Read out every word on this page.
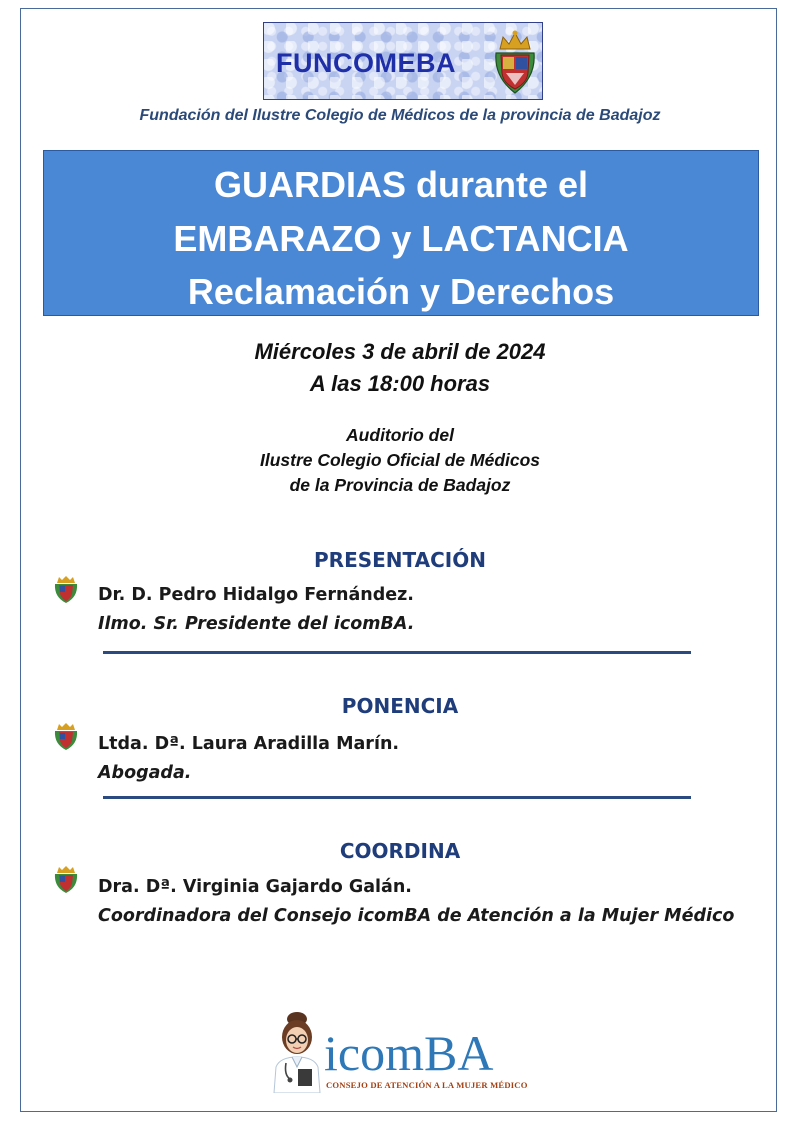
FUNCOMEBA
Fundación del Ilustre Colegio de Médicos de la provincia de Badajoz
GUARDIAS durante el
EMBARAZO y LACTANCIA
Reclamación y Derechos
Miércoles 3 de abril de 2024
A las 18:00 horas
Auditorio del
Ilustre Colegio Oficial de Médicos
de la Provincia de Badajoz
PRESENTACIÓN
Dr. D. Pedro Hidalgo Fernández.
Ilmo. Sr. Presidente del icomBA.
PONENCIA
Ltda. Dª. Laura Aradilla Marín.
Abogada.
COORDINA
Dra. Dª. Virginia Gajardo Galán.
Coordinadora del Consejo icomBA de Atención a la Mujer Médico
icomBA
CONSEJO DE ATENCIÓN A LA MUJER MÉDICO
